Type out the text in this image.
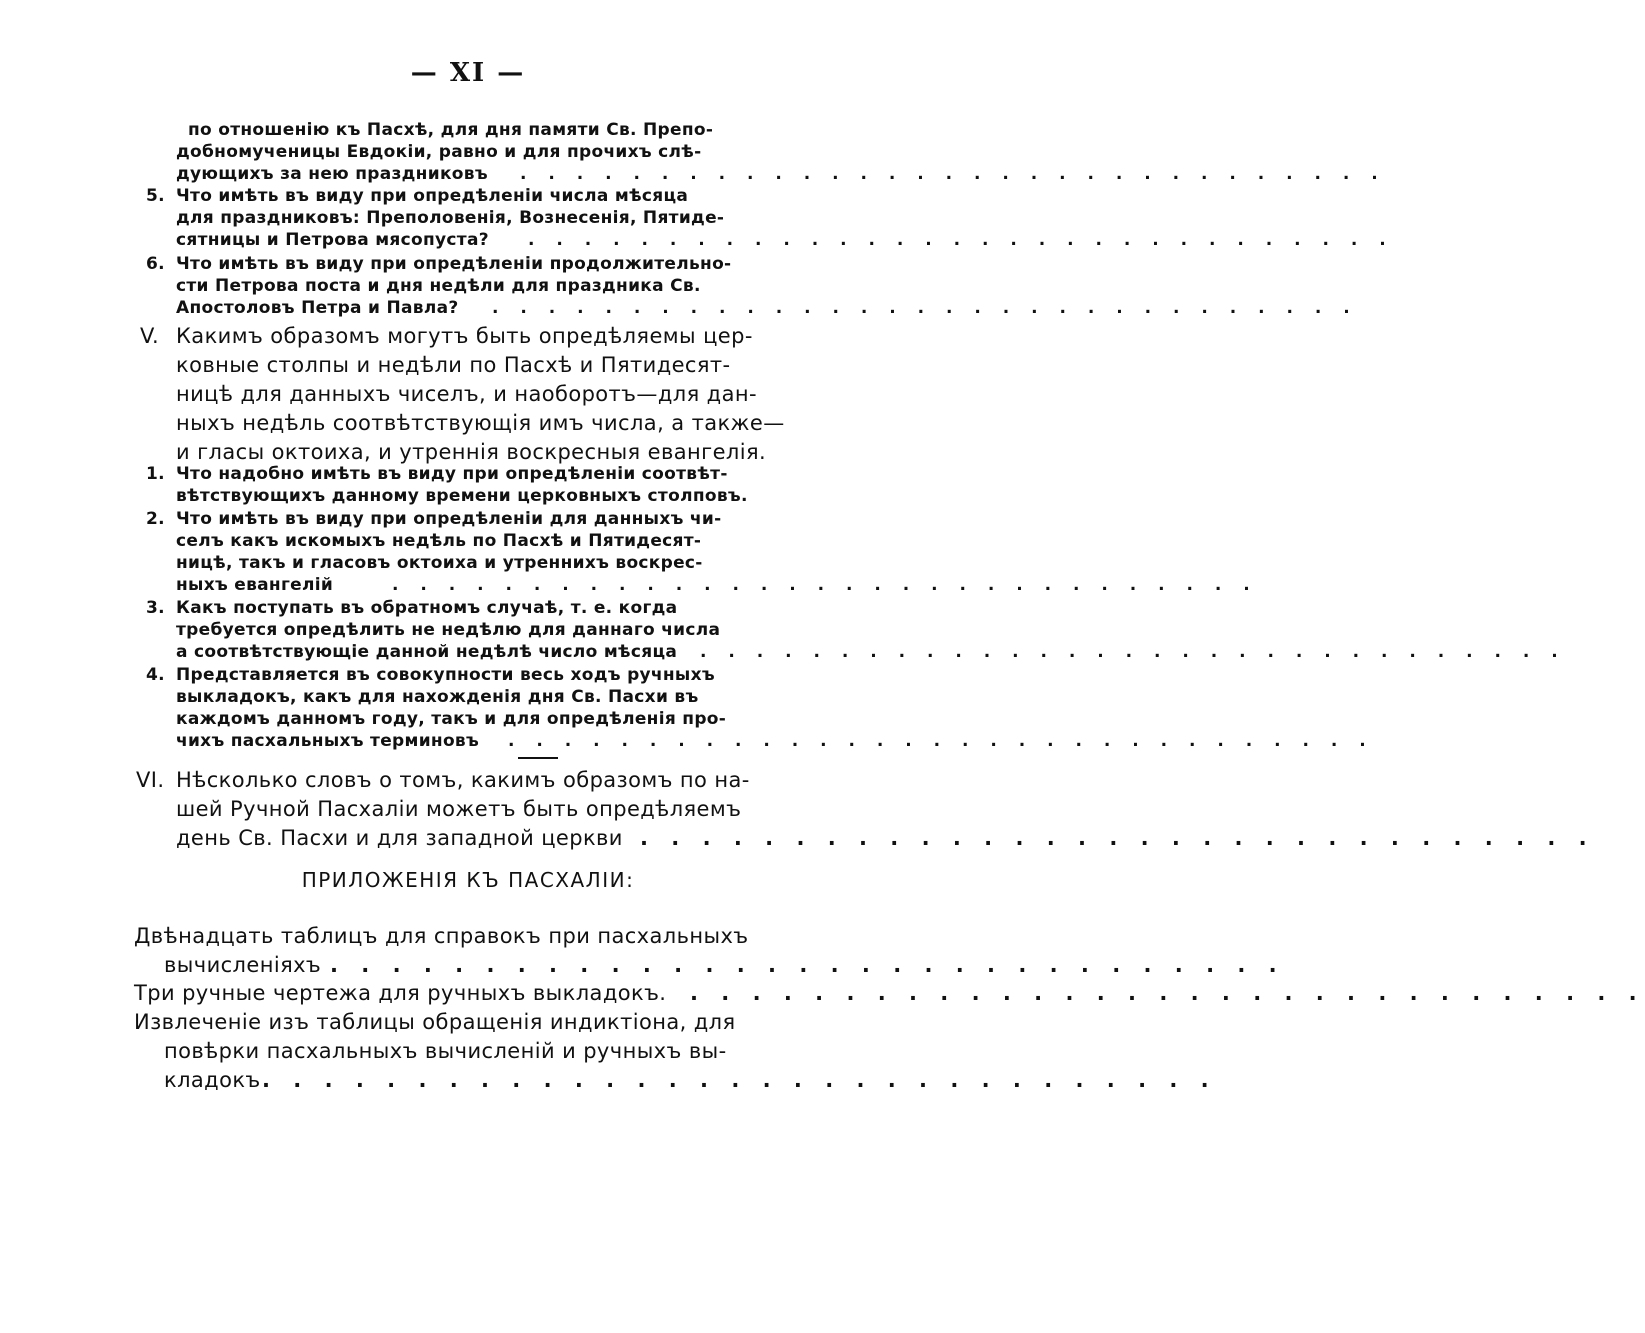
— XI —
по отношенію къ Пасхѣ, для дня памяти Св. Препо-
добномученицы Евдокіи, равно и для прочихъ слѣ-
дующихъ за нею праздниковъ . . . . . . . . . . . . . . . . . . . . . . . . . . . . . . .
5. Что имѣть въ виду при опредѣленіи числа мѣсяца
для праздниковъ: Преполовенія, Вознесенія, Пятиде-
сятницы и Петрова мясопуста? . . . . . . . . . . . . . . . . . . . . . . . . . . . . . . .
6. Что имѣть въ виду при опредѣленіи продолжительно-
сти Петрова поста и дня недѣли для праздника Св.
Апостоловъ Петра и Павла? . . . . . . . . . . . . . . . . . . . . . . . . . . . . . . .
V. Какимъ образомъ могутъ быть опредѣляемы цер-
ковные столпы и недѣли по Пасхѣ и Пятидесят-
ницѣ для данныхъ чиселъ, и наоборотъ—для дан-
ныхъ недѣль соотвѣтствующія имъ числа, а также—
и гласы октоиха, и утреннія воскресныя евангелія.
1. Что надобно имѣть въ виду при опредѣленіи соотвѣт-
вѣтствующихъ данному времени церковныхъ столповъ.
2. Что имѣть въ виду при опредѣленіи для данныхъ чи-
селъ какъ искомыхъ недѣль по Пасхѣ и Пятидесят-
ницѣ, такъ и гласовъ октоиха и утреннихъ воскрес-
ныхъ евангелій	. . . . . . . . . . . . . . . . . . . . . . . . . . . . . . .
3. Какъ поступать въ обратномъ случаѣ, т. е. когда
требуется опредѣлить не недѣлю для даннаго числа
а соотвѣтствующіе данной недѣлѣ число мѣсяца . . . . . . . . . . . . . . . . . . . . . . . . . . . . . . .
4. Представляется въ совокупности весь ходъ ручныхъ
выкладокъ, какъ для нахожденія дня Св. Пасхи въ
каждомъ данномъ году, такъ и для опредѣленія про-
чихъ пасхальныхъ терминовъ . . . . . . . . . . . . . . . . . . . . . . . . . . . . . . .
VI. Нѣсколько словъ о томъ, какимъ образомъ по на-
шей Ручной Пасхаліи можетъ быть опредѣляемъ
день Св. Пасхи и для западной церкви . . . . . . . . . . . . . . . . . . . . . . . . . . . . . . .
ПРИЛОЖЕНІЯ КЪ ПАСХАЛІИ:
Двѣнадцать таблицъ для справокъ при пасхальныхъ
вычисленіяхъ . . . . . . . . . . . . . . . . . . . . . . . . . . . . . . .
Три ручные чертежа для ручныхъ выкладокъ. . . . . . . . . . . . . . . . . . . . . . . . . . . . . . . .
Извлеченіе изъ таблицы обращенія индиктіона, для
повѣрки пасхальныхъ вычисленій и ручныхъ вы-
кладокъ . . . . . . . . . . . . . . . . . . . . . . . . . . . . . . .
